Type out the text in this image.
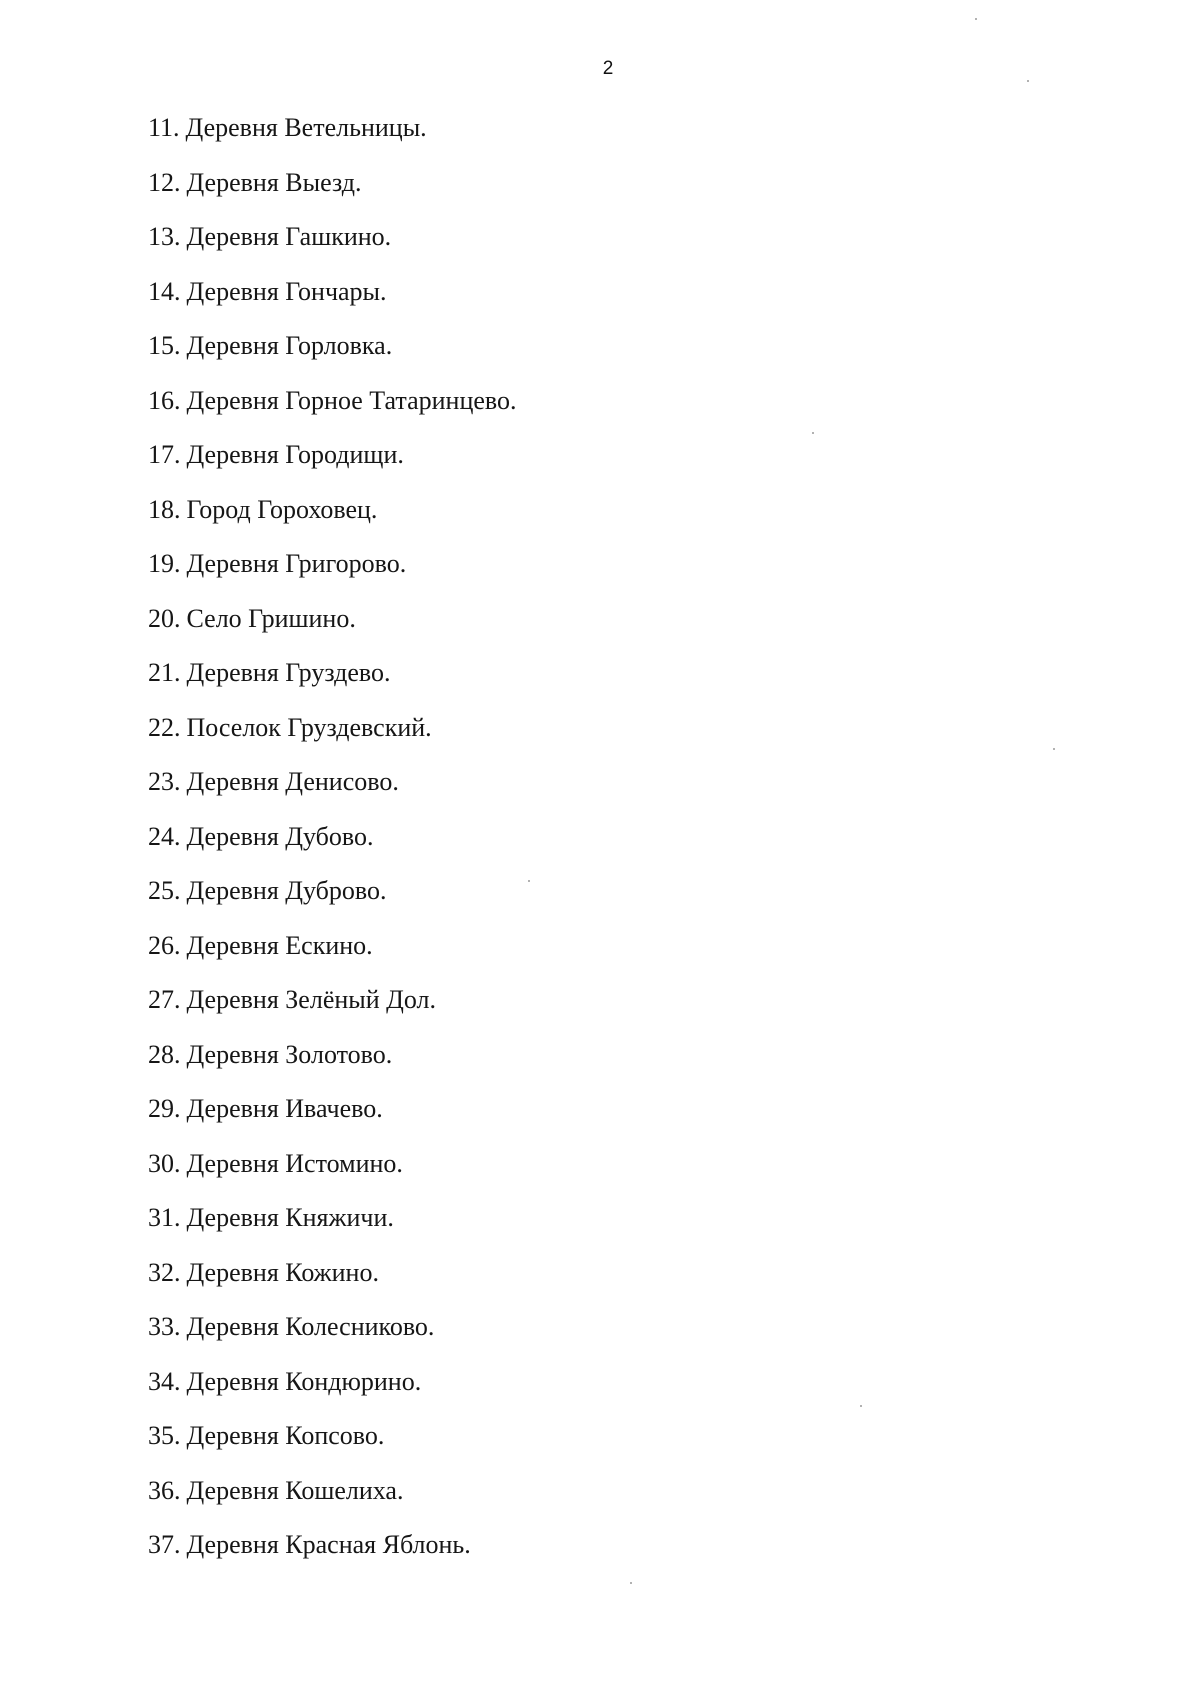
2
11. Деревня Ветельницы.
12. Деревня Выезд.
13. Деревня Гашкино.
14. Деревня Гончары.
15. Деревня Горловка.
16. Деревня Горное Татаринцево.
17. Деревня Городищи.
18. Город Гороховец.
19. Деревня Григорово.
20. Село Гришино.
21. Деревня Груздево.
22. Поселок Груздевский.
23. Деревня Денисово.
24. Деревня Дубово.
25. Деревня Дуброво.
26. Деревня Ескино.
27. Деревня Зелёный Дол.
28. Деревня Золотово.
29. Деревня Ивачево.
30. Деревня Истомино.
31. Деревня Княжичи.
32. Деревня Кожино.
33. Деревня Колесниково.
34. Деревня Кондюрино.
35. Деревня Копсово.
36. Деревня Кошелиха.
37. Деревня Красная Яблонь.
